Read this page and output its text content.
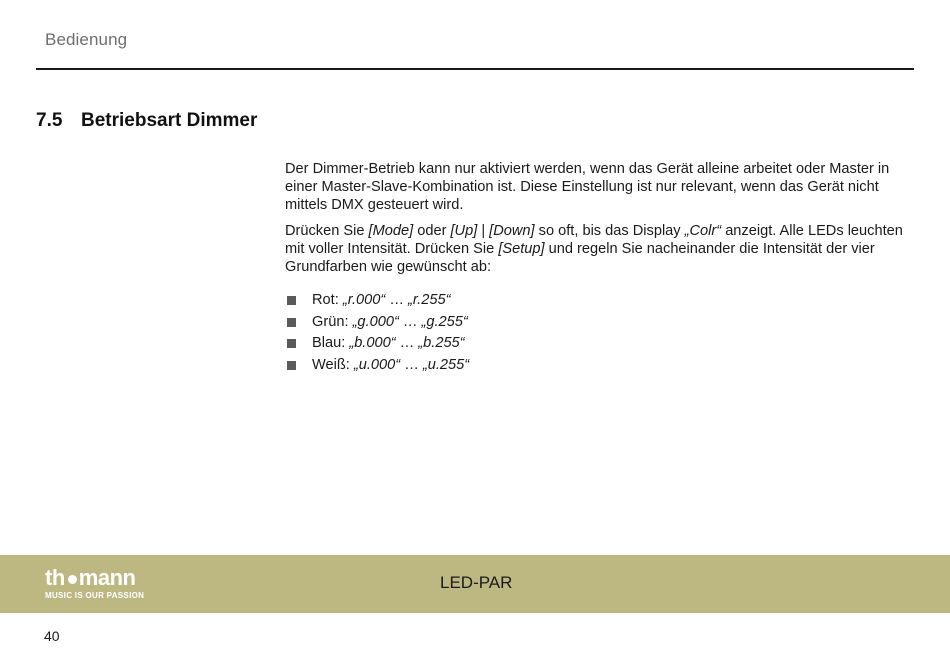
Bedienung
7.5 Betriebsart Dimmer

Der Dimmer-Betrieb kann nur aktiviert werden, wenn das Gerät alleine arbeitet oder Master in einer Master-Slave-Kombination ist. Diese Einstellung ist nur relevant, wenn das Gerät nicht mittels DMX gesteuert wird.

Drücken Sie [Mode] oder [Up] | [Down] so oft, bis das Display „Colr“ anzeigt. Alle LEDs leuchten mit voller Intensität. Drücken Sie [Setup] und regeln Sie nacheinander die Intensität der vier Grundfarben wie gewünscht ab:

Rot: „r.000“ … „r.255“
Grün: „g.000“ … „g.255“
Blau: „b.000“ … „b.255“
Weiß: „u.000“ … „u.255“
th mann
MUSIC IS OUR PASSION
LED-PAR
40
